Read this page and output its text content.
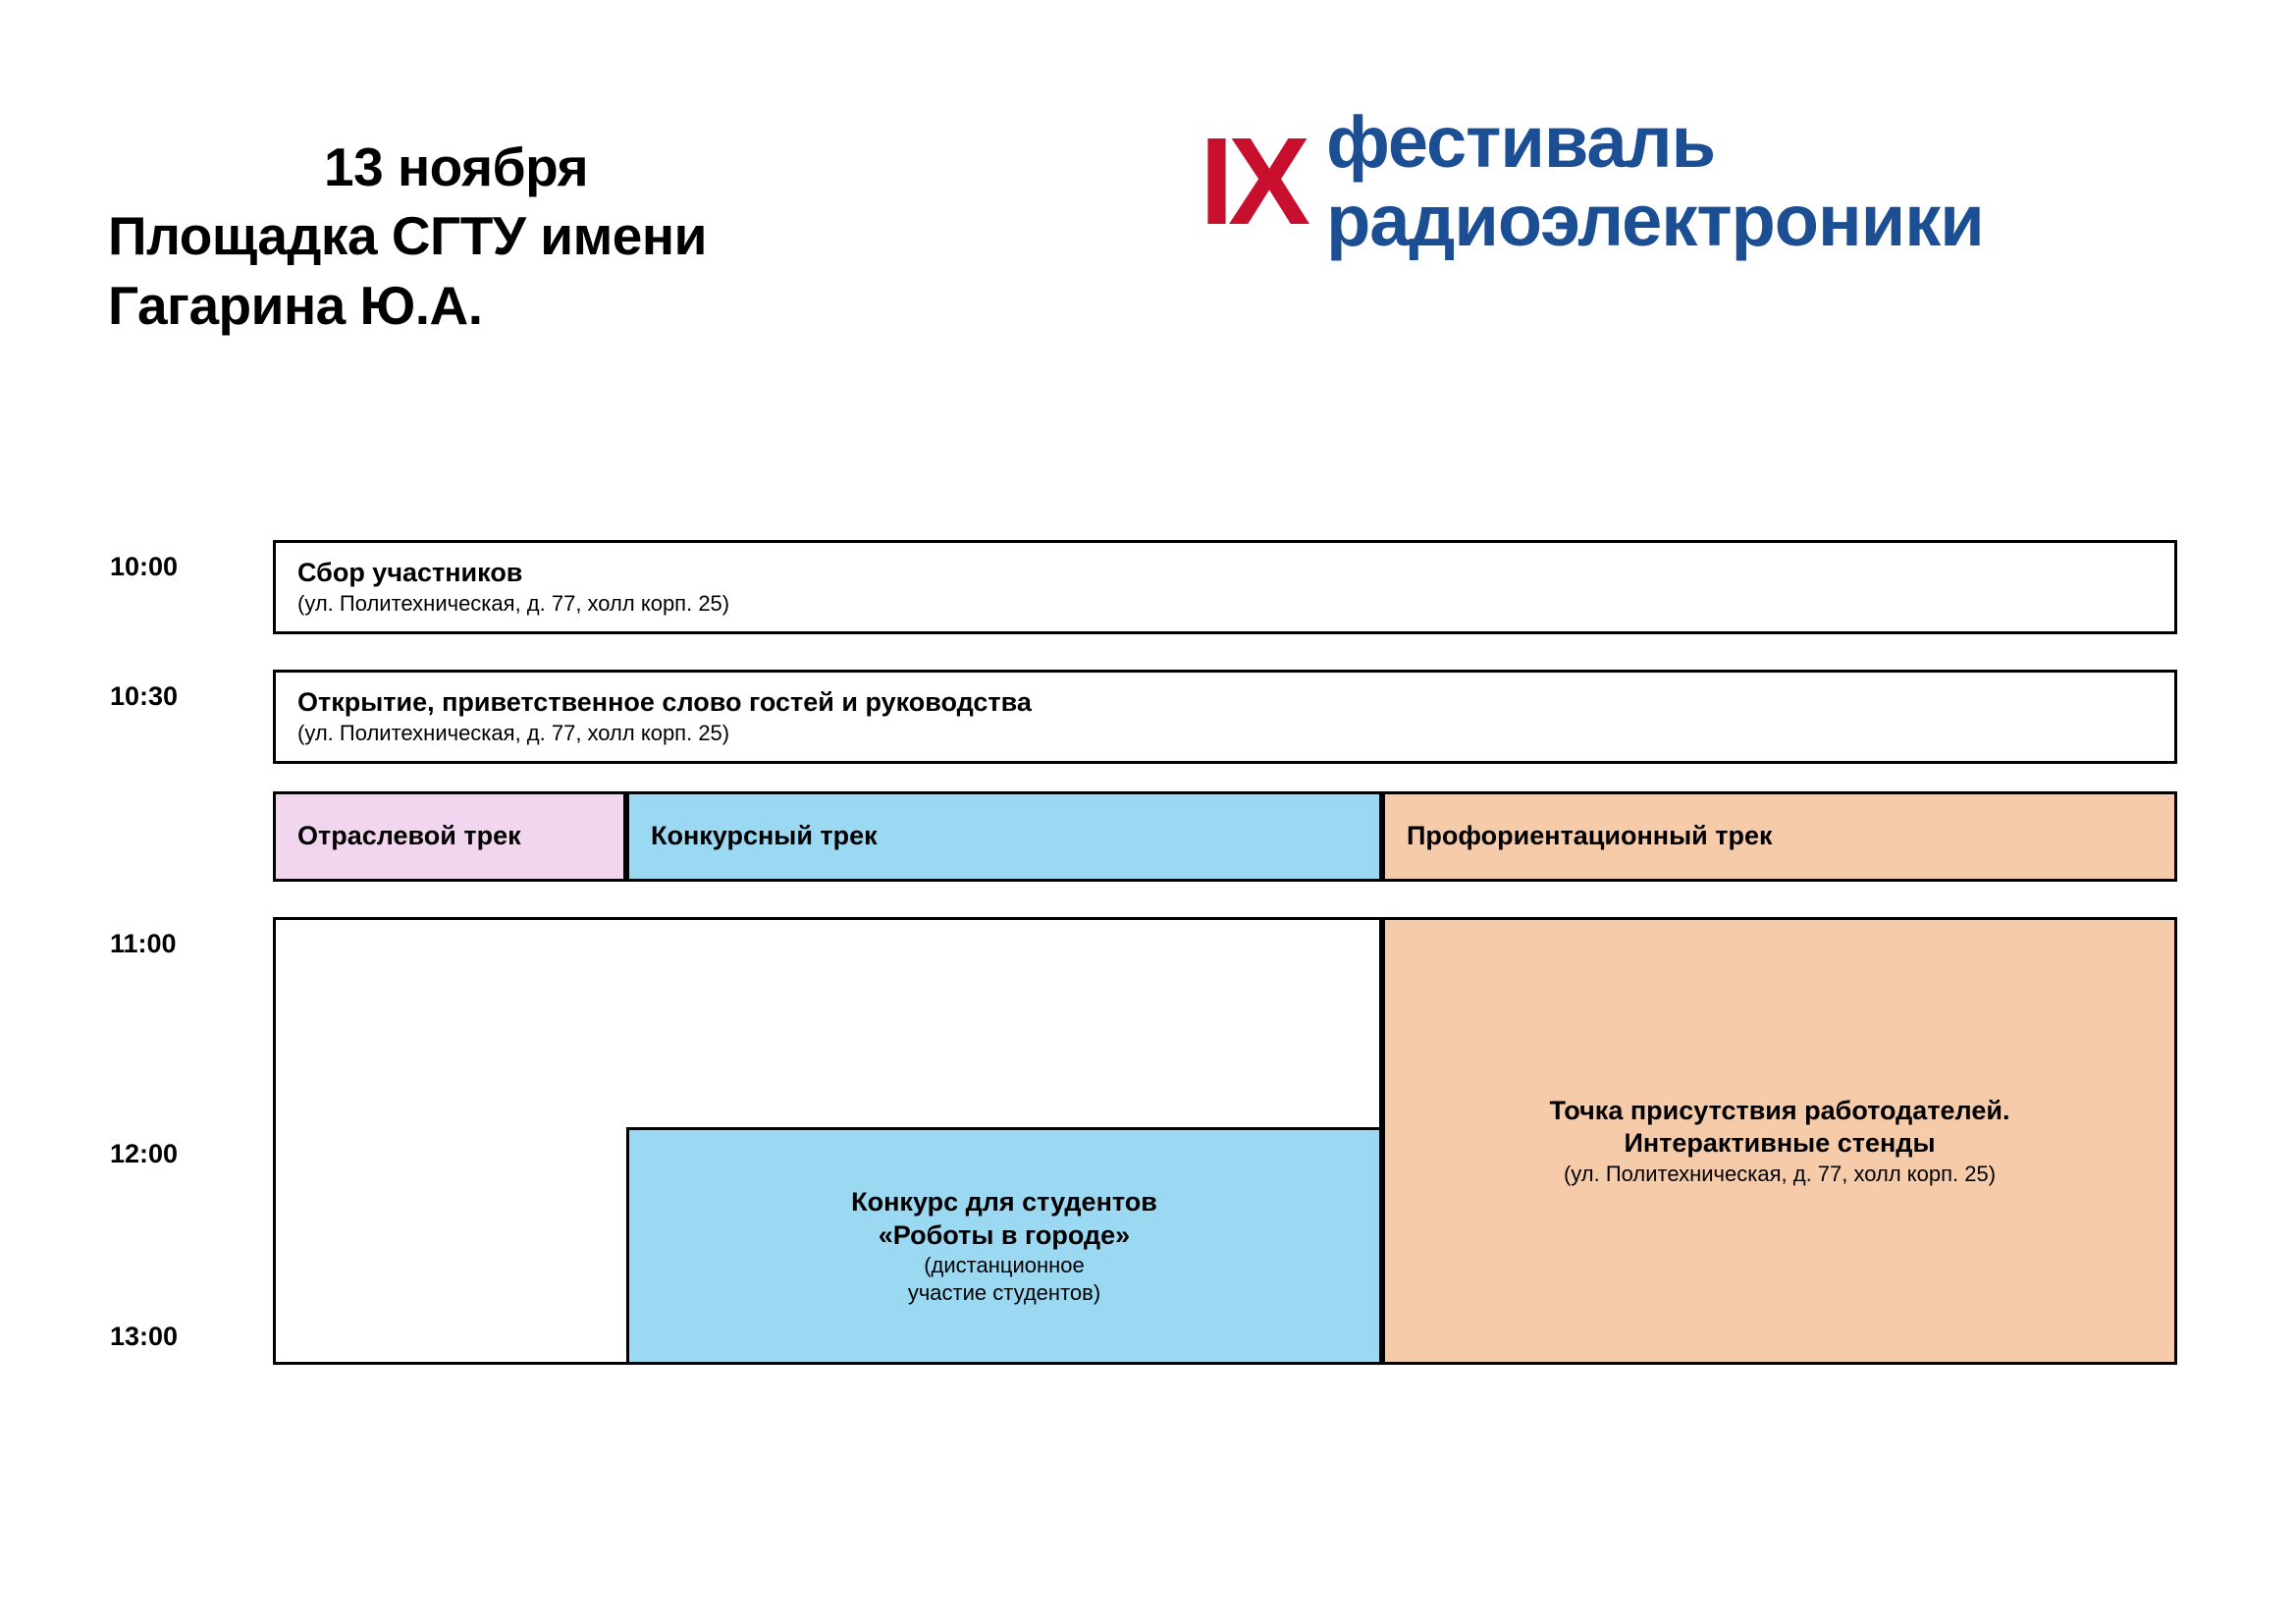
13 ноября
Площадка СГТУ имени
Гагарина Ю.А.
IX фестиваль
радиоэлектроники
10:00
10:30
11:00
12:00
13:00
Сбор участников
(ул. Политехническая, д. 77, холл корп. 25)
Открытие, приветственное слово гостей и руководства
(ул. Политехническая, д. 77, холл корп. 25)
Отраслевой трек	Конкурсный трек	Профориентационный трек
Конкурс для студентов
«Роботы в городе»
(дистанционное
участие студентов)
Точка присутствия работодателей.
Интерактивные стенды
(ул. Политехническая, д. 77, холл корп. 25)
